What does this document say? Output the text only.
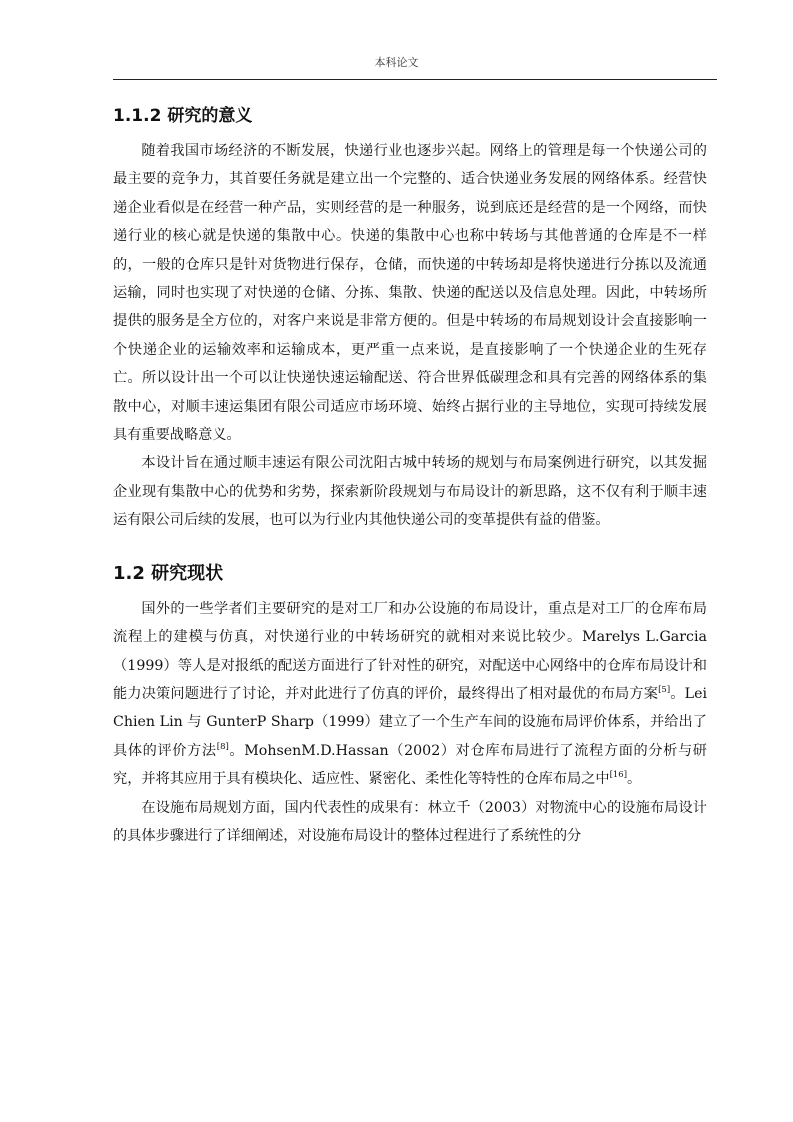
本科论文
1.1.2 研究的意义

随着我国市场经济的不断发展，快递行业也逐步兴起。网络上的管理是每一个快递公司的最主要的竞争力，其首要任务就是建立出一个完整的、适合快递业务发展的网络体系。经营快递企业看似是在经营一种产品，实则经营的是一种服务，说到底还是经营的是一个网络，而快递行业的核心就是快递的集散中心。快递的集散中心也称中转场与其他普通的仓库是不一样的，一般的仓库只是针对货物进行保存，仓储，而快递的中转场却是将快递进行分拣以及流通运输，同时也实现了对快递的仓储、分拣、集散、快递的配送以及信息处理。因此，中转场所提供的服务是全方位的，对客户来说是非常方便的。但是中转场的布局规划设计会直接影响一个快递企业的运输效率和运输成本，更严重一点来说，是直接影响了一个快递企业的生死存亡。所以设计出一个可以让快递快速运输配送、符合世界低碳理念和具有完善的网络体系的集散中心，对顺丰速运集团有限公司适应市场环境、始终占据行业的主导地位，实现可持续发展具有重要战略意义。

本设计旨在通过顺丰速运有限公司沈阳古城中转场的规划与布局案例进行研究，以其发掘企业现有集散中心的优势和劣势，探索新阶段规划与布局设计的新思路，这不仅有利于顺丰速运有限公司后续的发展，也可以为行业内其他快递公司的变革提供有益的借鉴。

1.2 研究现状

国外的一些学者们主要研究的是对工厂和办公设施的布局设计，重点是对工厂的仓库布局流程上的建模与仿真，对快递行业的中转场研究的就相对来说比较少。Marelys L.Garcia（1999）等人是对报纸的配送方面进行了针对性的研究，对配送中心网络中的仓库布局设计和能力决策问题进行了讨论，并对此进行了仿真的评价，最终得出了相对最优的布局方案[5]。Lei Chien Lin 与 GunterP Sharp（1999）建立了一个生产车间的设施布局评价体系，并给出了具体的评价方法[8]。MohsenM.D.Hassan（2002）对仓库布局进行了流程方面的分析与研究，并将其应用于具有模块化、适应性、紧密化、柔性化等特性的仓库布局之中[16]。

在设施布局规划方面，国内代表性的成果有：林立千（2003）对物流中心的设施布局设计的具体步骤进行了详细阐述，对设施布局设计的整体过程进行了系统性的分
